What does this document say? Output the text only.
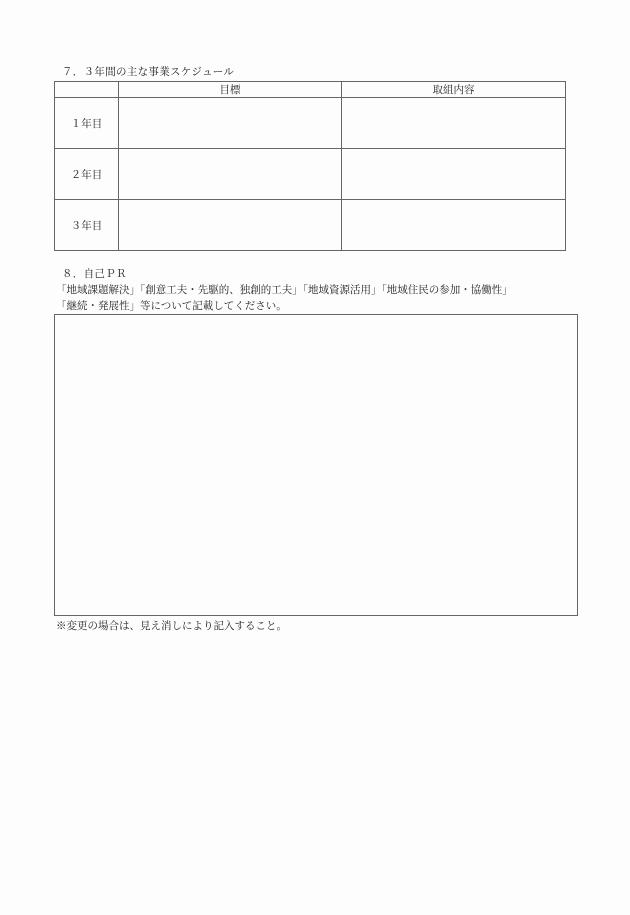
７．３年間の主な事業スケジュール
	目標	取組内容
１年目		
２年目		
３年目		
８．自己ＰＲ
「地域課題解決」「創意工夫・先駆的、独創的工夫」「地域資源活用」「地域住民の参加・協働性」
「継続・発展性」等について記載してください。
※変更の場合は、見え消しにより記入すること。
